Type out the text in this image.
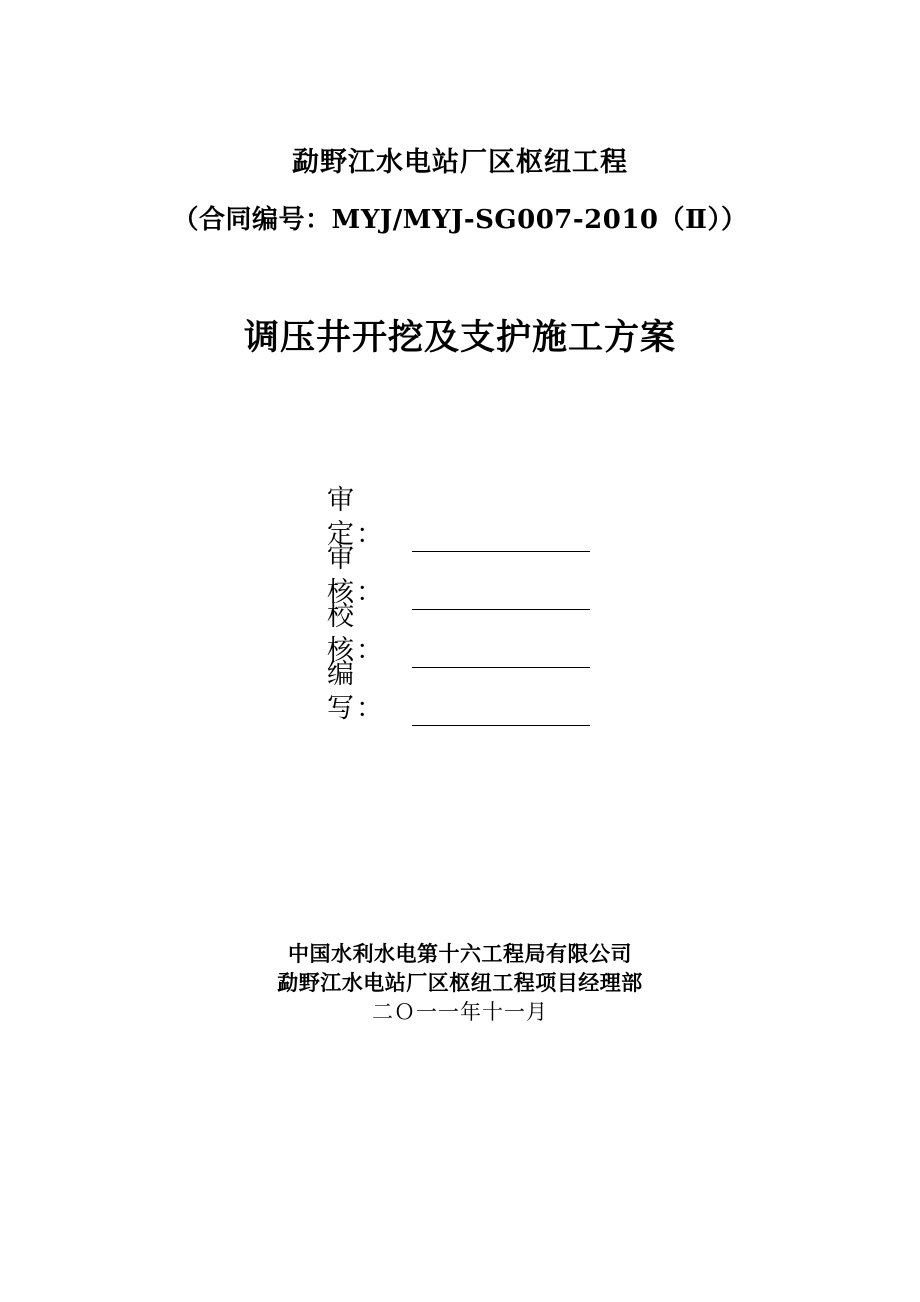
勐野江水电站厂区枢纽工程
（合同编号：MYJ/MYJ-SG007-2010（Ⅱ））
调压井开挖及支护施工方案
审定：
审核：
校核：
编写：
中国水利水电第十六工程局有限公司
勐野江水电站厂区枢纽工程项目经理部
二Ｏ一一年十一月
